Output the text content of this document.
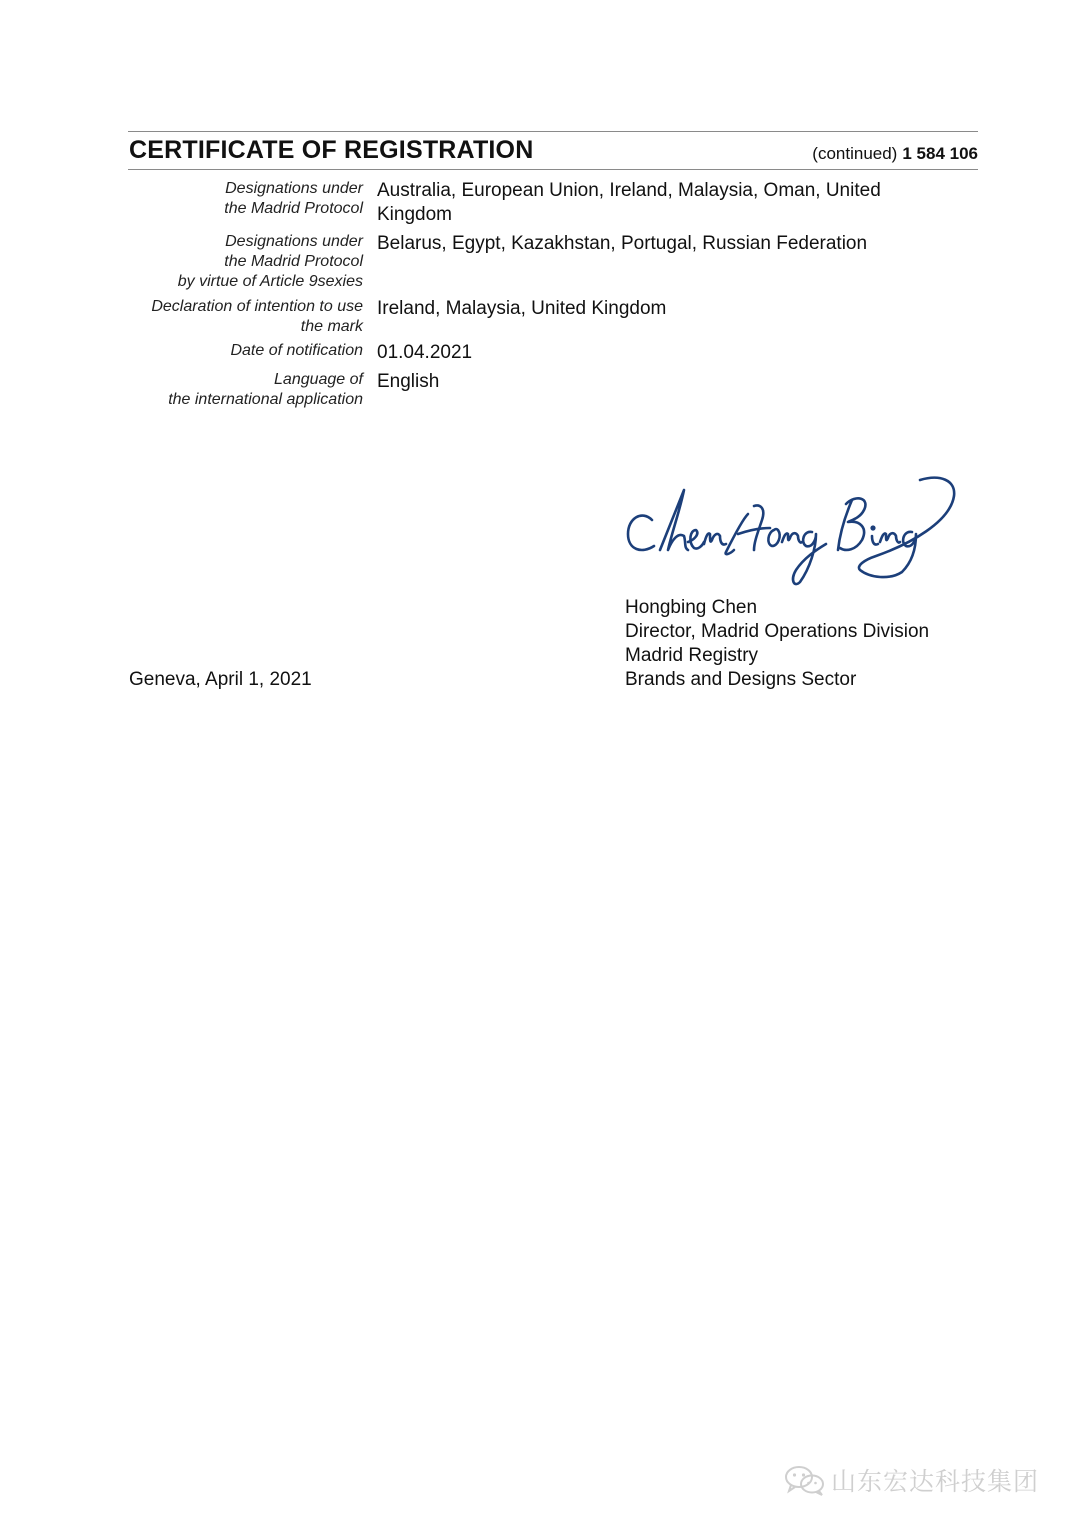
CERTIFICATE OF REGISTRATION	(continued) 1 584 106
Designations under
the Madrid Protocol
Australia, European Union, Ireland, Malaysia, Oman, United Kingdom
Designations under
the Madrid Protocol
by virtue of Article 9sexies
Belarus, Egypt, Kazakhstan, Portugal, Russian Federation
Declaration of intention to use
the mark
Ireland, Malaysia, United Kingdom
Date of notification 01.04.2021
Language of
the international application
English
Hongbing Chen
Director, Madrid Operations Division
Madrid Registry
Brands and Designs Sector
Geneva, April 1, 2021
山东宏达科技集团
